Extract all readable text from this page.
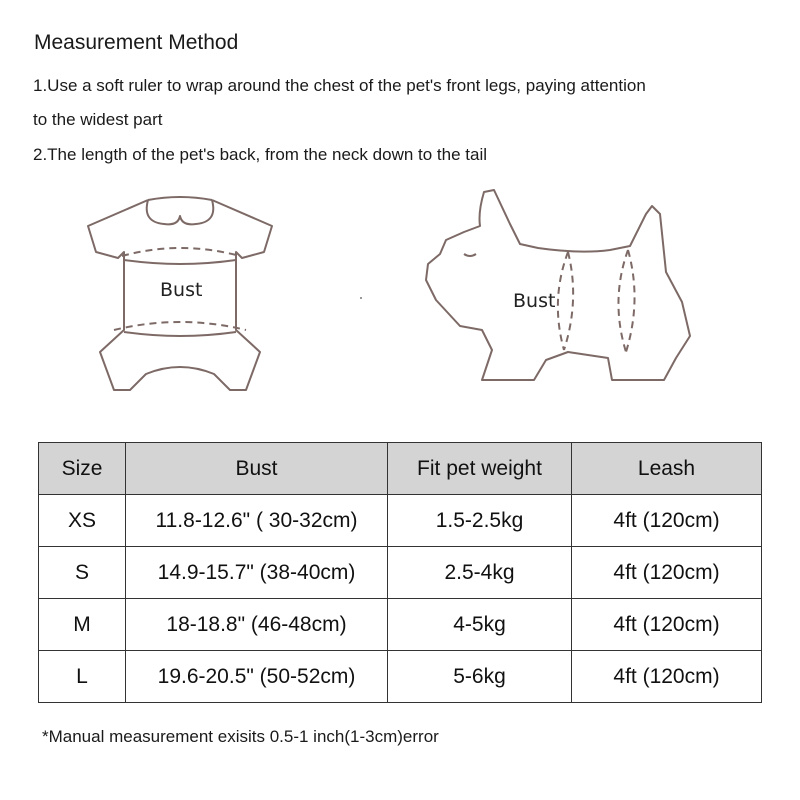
Measurement Method
1.Use a soft ruler to wrap around the chest of the pet's front legs, paying attention
to the widest part
2.The length of the pet's back, from the neck down to the tail
Bust	Bust
Size	Bust	Fit pet weight	Leash
XS	11.8-12.6" ( 30-32cm)	1.5-2.5kg	4ft (120cm)
S	14.9-15.7" (38-40cm)	2.5-4kg	4ft (120cm)
M	18-18.8" (46-48cm)	4-5kg	4ft (120cm)
L	19.6-20.5" (50-52cm)	5-6kg	4ft (120cm)
*Manual measurement exisits 0.5-1 inch(1-3cm)error
